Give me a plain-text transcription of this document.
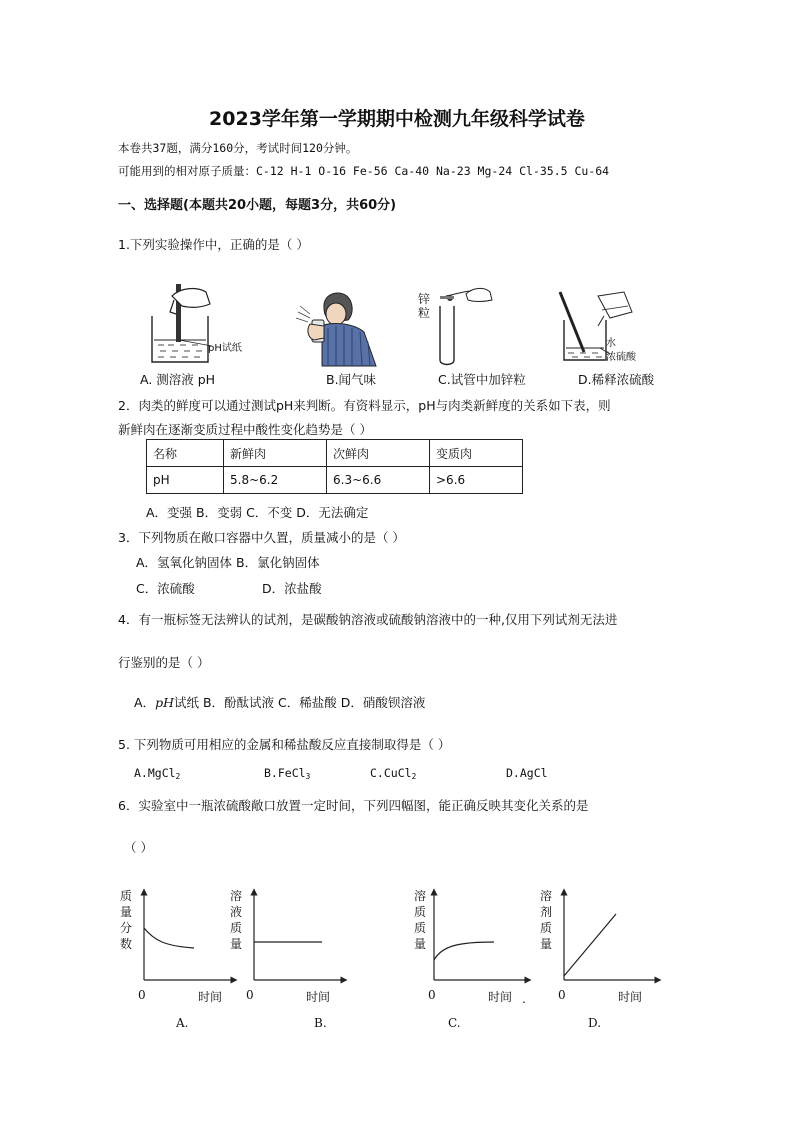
2023学年第一学期期中检测九年级科学试卷
本卷共37题，满分160分，考试时间120分钟。
可能用到的相对原子质量：C-12 H-1 O-16 Fe-56 Ca-40 Na-23 Mg-24 Cl-35.5 Cu-64
一、选择题(本题共20小题，每题3分，共60分)
1.下列实验操作中，正确的是（ ）
pH试纸
锌
粒
水
浓硫酸
A. 测溶液 pH	B.闻气味	C.试管中加锌粒	D.稀释浓硫酸
2．肉类的鲜度可以通过测试pH来判断。有资料显示，pH与肉类新鲜度的关系如下表，则
新鲜肉在逐渐变质过程中酸性变化趋势是（ ）
名称	新鲜肉	次鲜肉	变质肉
pH	5.8~6.2	6.3~6.6	>6.6
A．变强 B．变弱 C．不变 D．无法确定
3．下列物质在敞口容器中久置，质量减小的是（ ）
A．氢氧化钠固体 B．氯化钠固体
C．浓硫酸	D．浓盐酸
4．有一瓶标签无法辨认的试剂，是碳酸钠溶液或硫酸钠溶液中的一种,仅用下列试剂无法进
行鉴别的是（ ）
A．pH试纸 B．酚酞试液 C．稀盐酸 D．硝酸钡溶液
5. 下列物质可用相应的金属和稀盐酸反应直接制取得是（ ）
A.MgCl$_2$	B.FeCl$_3$	C.CuCl$_2$	D.AgCl
6．实验室中一瓶浓硫酸敞口放置一定时间，下列四幅图，能正确反映其变化关系的是
（ ）
质
量
分
数
0	时间
A.
溶
液
质
量
0	时间
B.
溶
质
质
量
0	时间 .
C.
溶
剂
质
量
0	时间
D.
